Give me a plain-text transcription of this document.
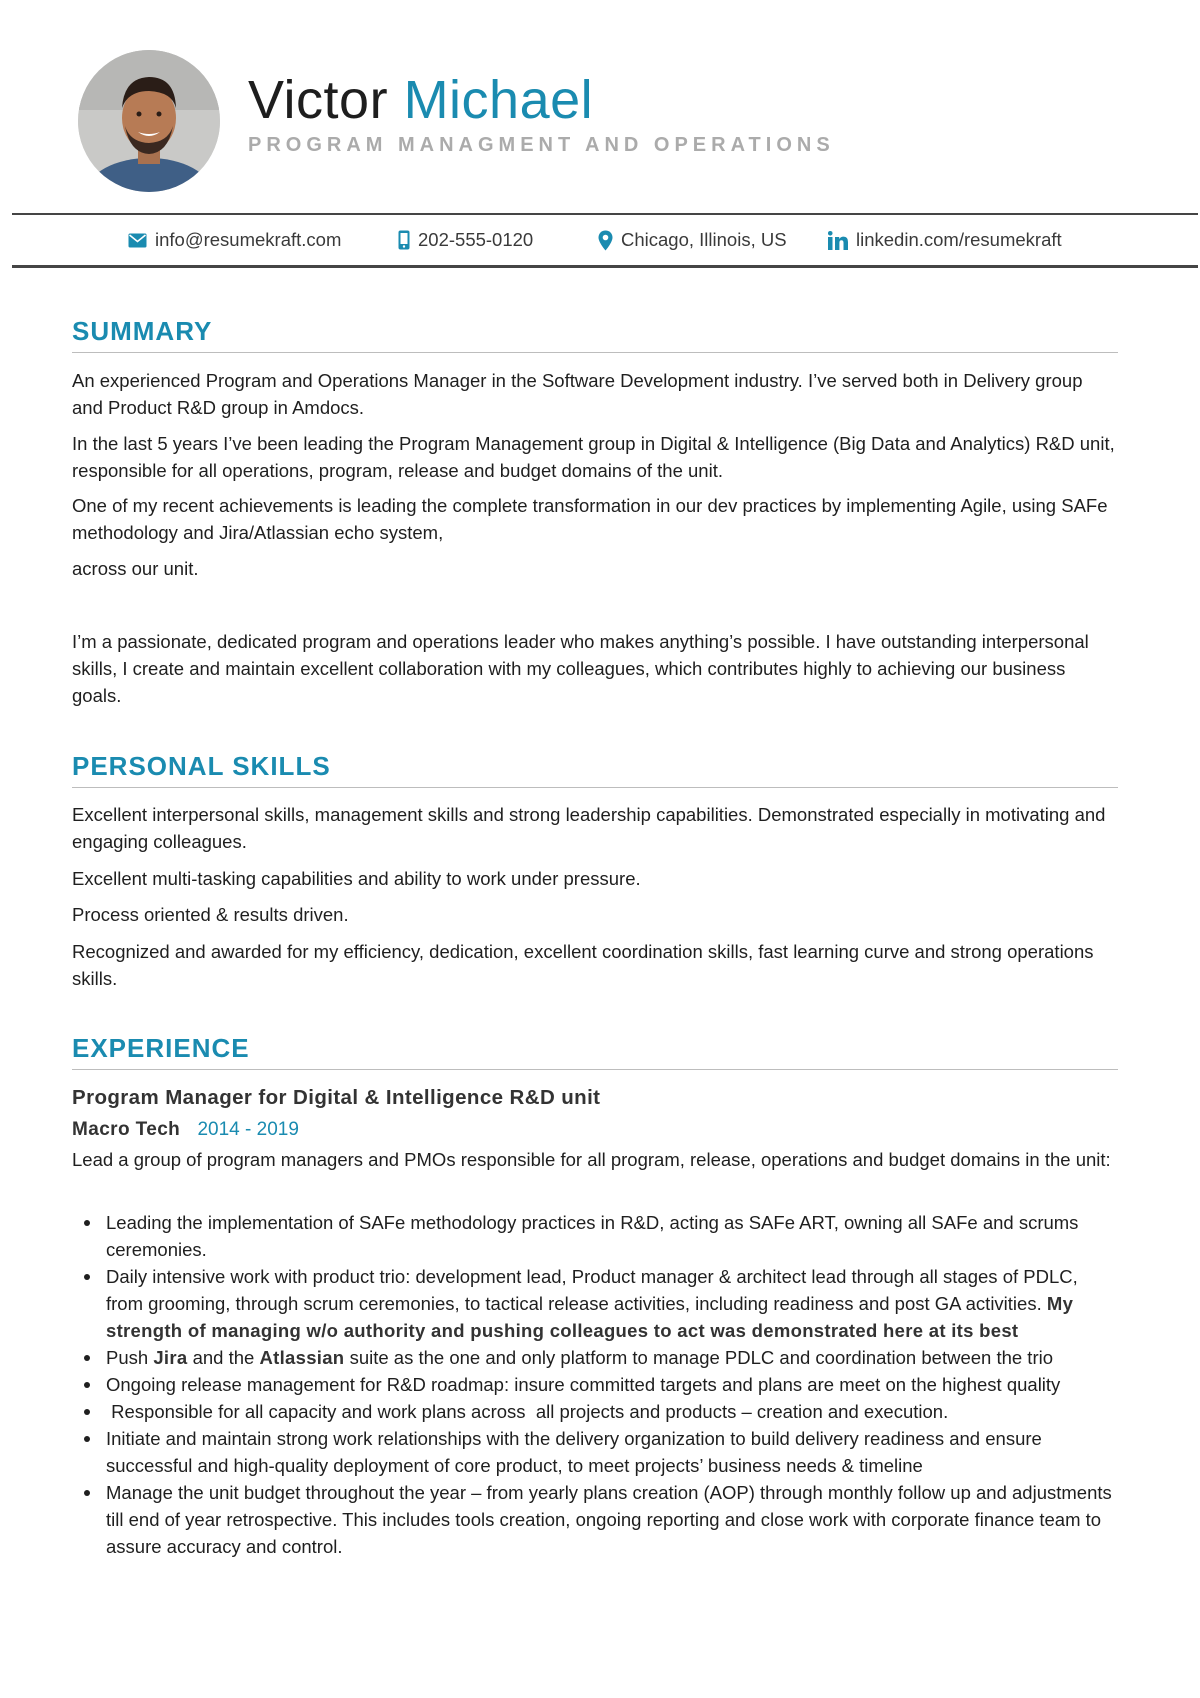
Victor Michael
PROGRAM MANAGMENT AND OPERATIONS
info@resumekraft.com	202-555-0120	Chicago, Illinois, US	linkedin.com/resumekraft
SUMMARY
An experienced Program and Operations Manager in the Software Development industry. I’ve served both in Delivery group and Product R&D group in Amdocs.
In the last 5 years I’ve been leading the Program Management group in Digital & Intelligence (Big Data and Analytics) R&D unit, responsible for all operations, program, release and budget domains of the unit.
One of my recent achievements is leading the complete transformation in our dev practices by implementing Agile, using SAFe methodology and Jira/Atlassian echo system,
across our unit.
I’m a passionate, dedicated program and operations leader who makes anything’s possible. I have outstanding interpersonal skills, I create and maintain excellent collaboration with my colleagues, which contributes highly to achieving our business goals.
PERSONAL SKILLS
Excellent interpersonal skills, management skills and strong leadership capabilities. Demonstrated especially in motivating and engaging colleagues.
Excellent multi-tasking capabilities and ability to work under pressure.
Process oriented & results driven.
Recognized and awarded for my efficiency, dedication, excellent coordination skills, fast learning curve and strong operations skills.
EXPERIENCE
Program Manager for Digital & Intelligence R&D unit
Macro Tech 2014 - 2019
Lead a group of program managers and PMOs responsible for all program, release, operations and budget domains in the unit:
Leading the implementation of SAFe methodology practices in R&D, acting as SAFe ART, owning all SAFe and scrums ceremonies.
Daily intensive work with product trio: development lead, Product manager & architect lead through all stages of PDLC, from grooming, through scrum ceremonies, to tactical release activities, including readiness and post GA activities. My strength of managing w/o authority and pushing colleagues to act was demonstrated here at its best
Push Jira and the Atlassian suite as the one and only platform to manage PDLC and coordination between the trio
Ongoing release management for R&D roadmap: insure committed targets and plans are meet on the highest quality
Responsible for all capacity and work plans across  all projects and products – creation and execution.
Initiate and maintain strong work relationships with the delivery organization to build delivery readiness and ensure successful and high-quality deployment of core product, to meet projects’ business needs & timeline
Manage the unit budget throughout the year – from yearly plans creation (AOP) through monthly follow up and adjustments till end of year retrospective. This includes tools creation, ongoing reporting and close work with corporate finance team to assure accuracy and control.
